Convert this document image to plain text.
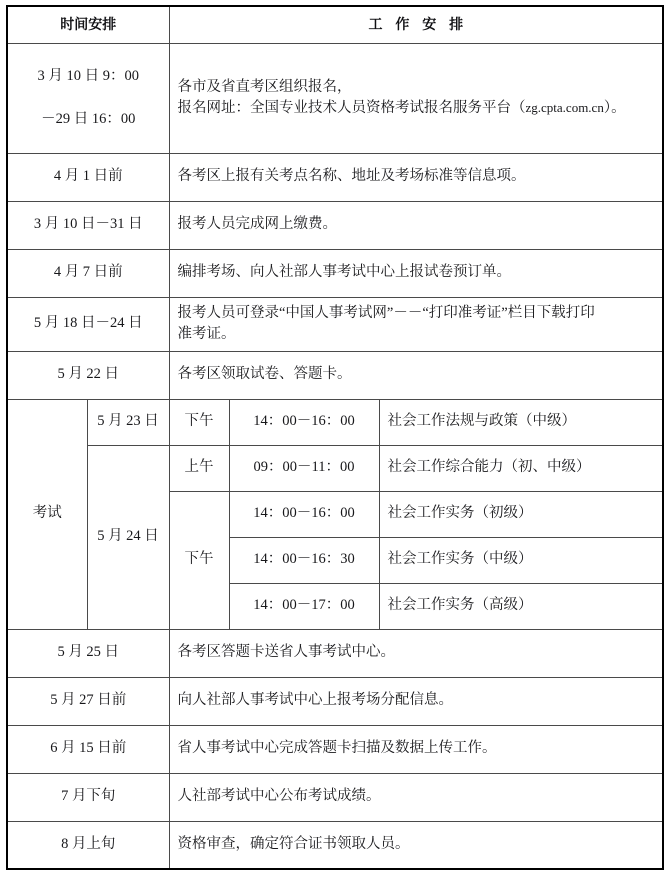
时间安排		工 作 安 排		

3 月 10 日 9：00

－29 日 16：00		各市及省直考区组织报名，
报名网址：全国专业技术人员资格考试报名服务平台（zg.cpta.com.cn）。		

4 月 1 日前		各考区上报有关考点名称、地址及考场标准等信息项。		
3 月 10 日－31 日		报考人员完成网上缴费。		
4 月 7 日前		编排考场、向人社部人事考试中心上报试卷预订单。		
5 月 18 日－24 日		报考人员可登录“中国人事考试网”－－“打印准考证”栏目下载打印
准考证。		

5 月 22 日		各考区领取试卷、答题卡。		
考试	5 月 23 日	下午	14：00－16：00	社会工作法规与政策（中级）
	5 月 24 日	上午	09：00－11：00	社会工作综合能力（初、中级）
		下午	14：00－16：00	社会工作实务（初级）
			14：00－16：30	社会工作实务（中级）
			14：00－17：00	社会工作实务（高级）
5 月 25 日		各考区答题卡送省人事考试中心。		
5 月 27 日前		向人社部人事考试中心上报考场分配信息。		
6 月 15 日前		省人事考试中心完成答题卡扫描及数据上传工作。		
7 月下旬		人社部考试中心公布考试成绩。		
8 月上旬		资格审查，确定符合证书领取人员。		
